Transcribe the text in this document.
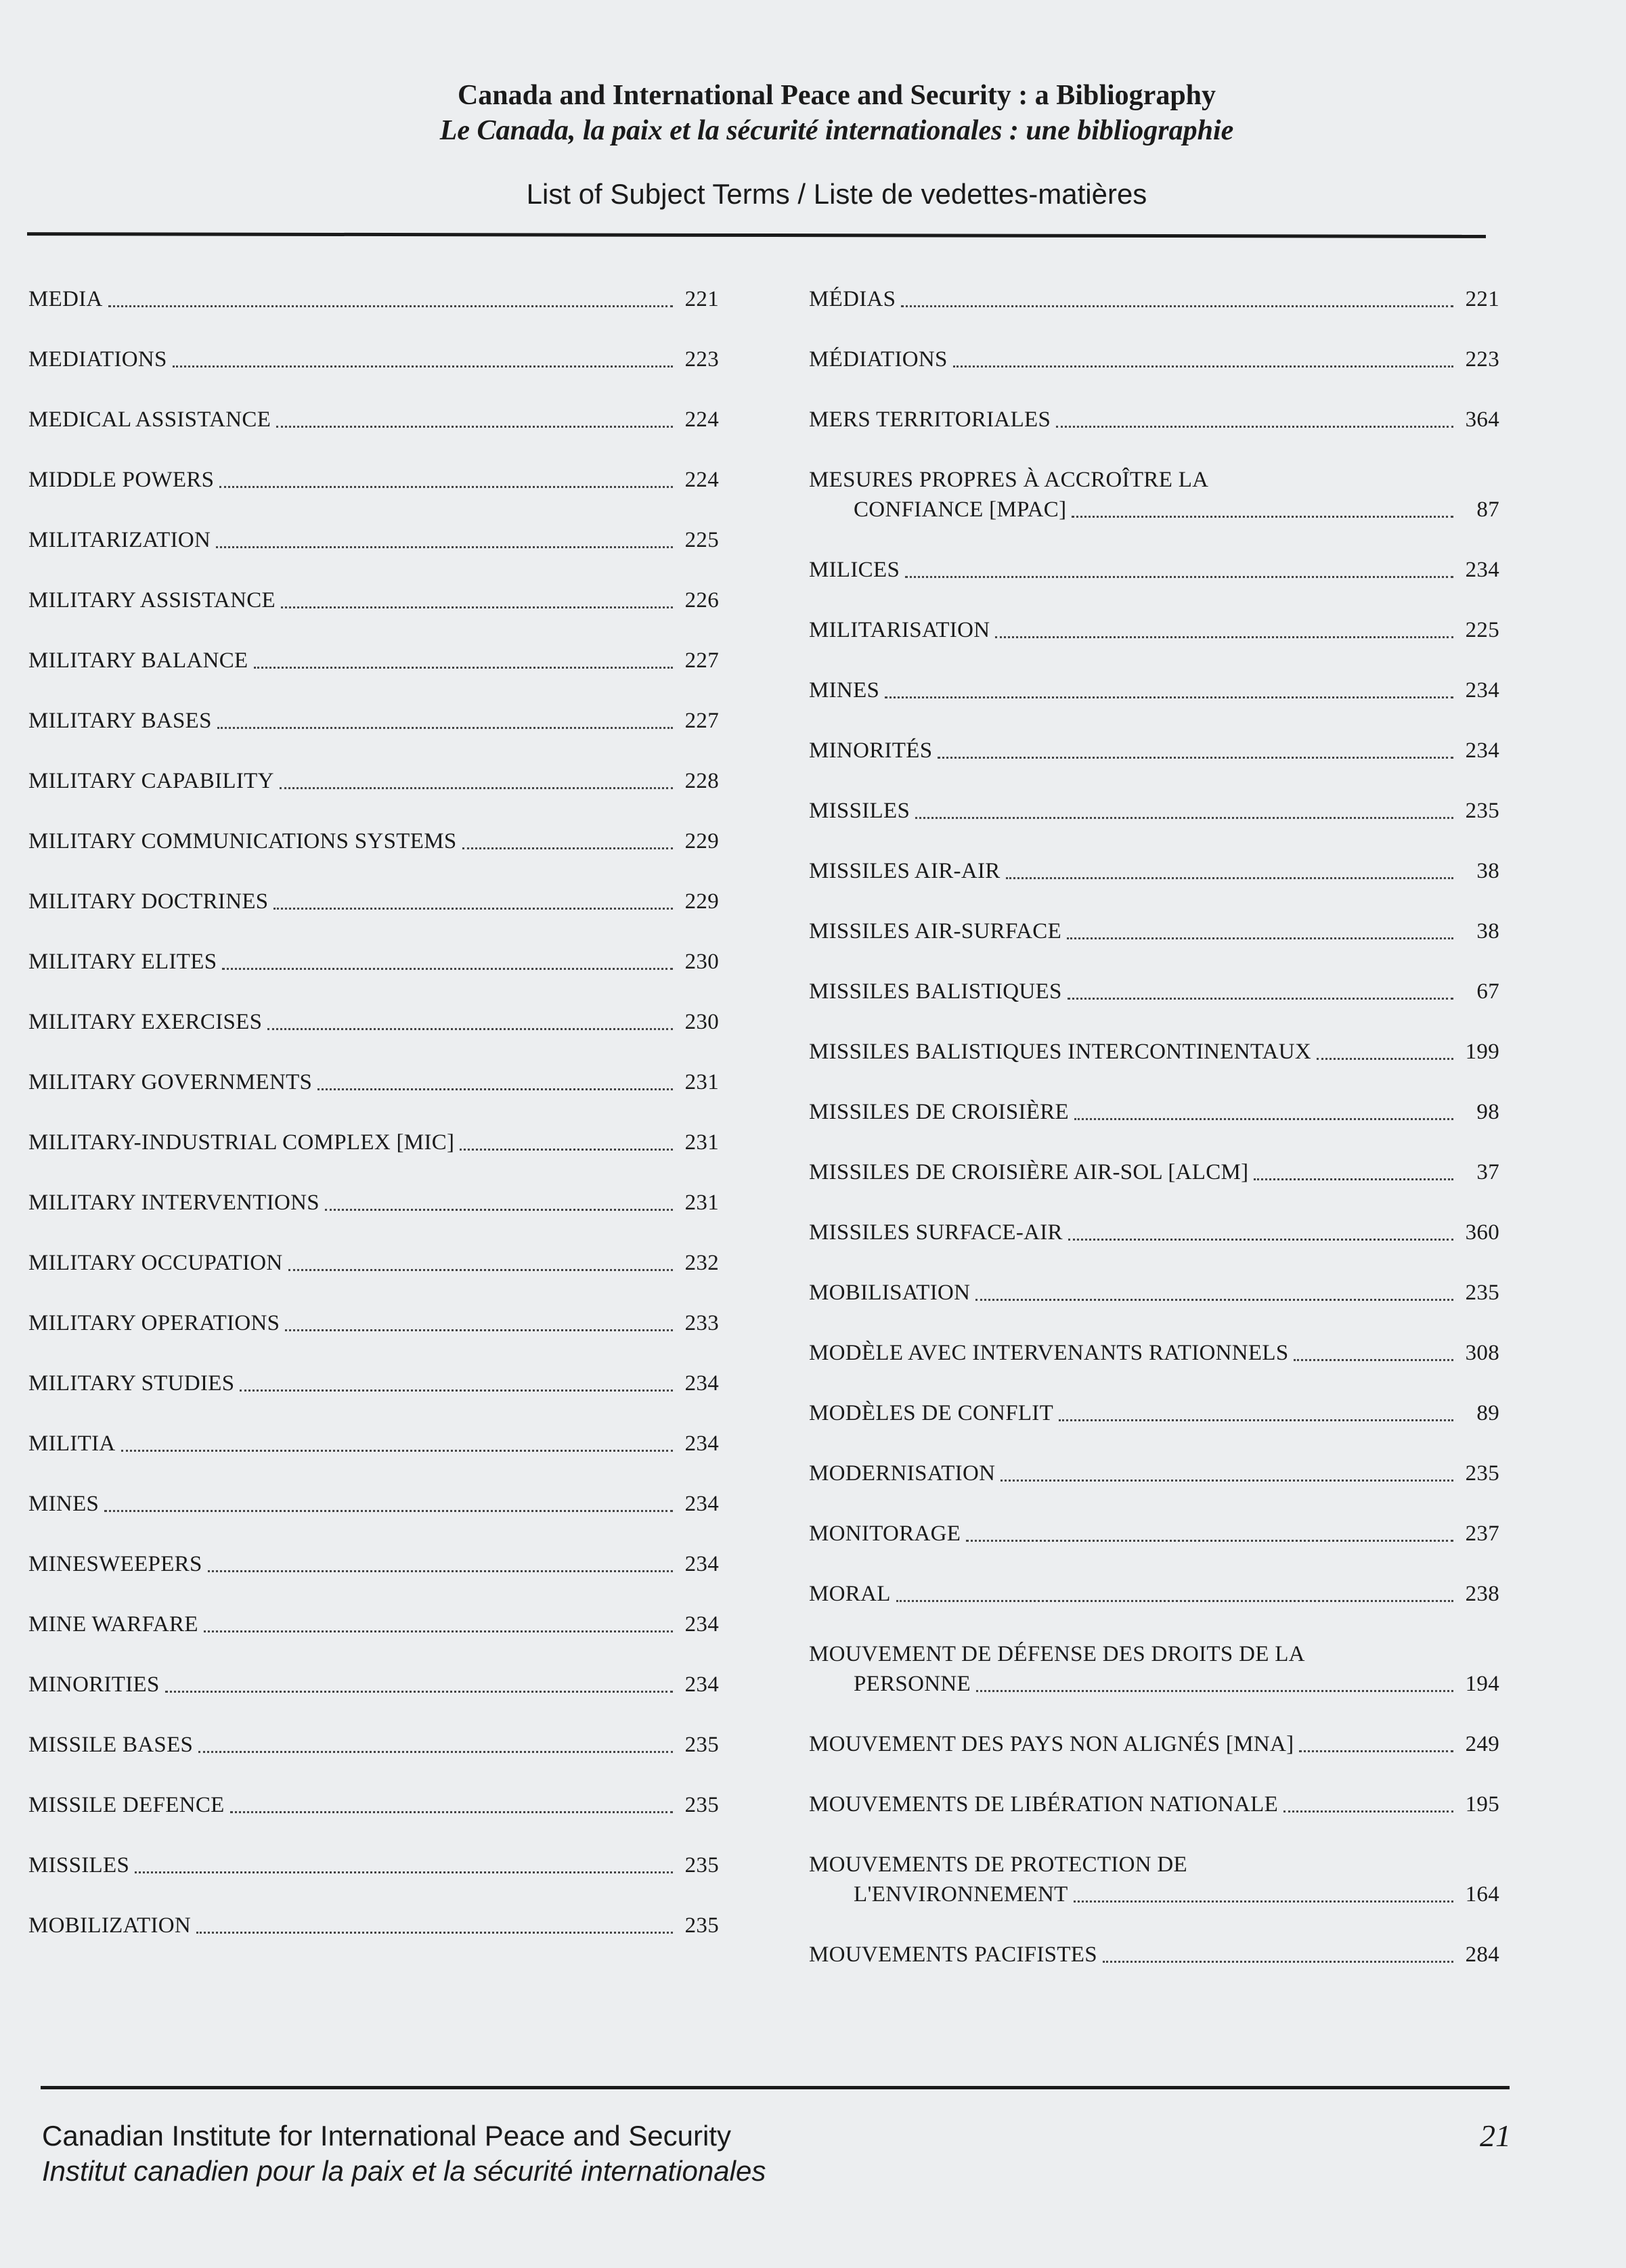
Canada and International Peace and Security : a Bibliography
Le Canada, la paix et la sécurité internationales : une bibliographie
List of Subject Terms / Liste de vedettes-matières
MEDIA	221
MEDIATIONS	223
MEDICAL ASSISTANCE	224
MIDDLE POWERS	224
MILITARIZATION	225
MILITARY ASSISTANCE	226
MILITARY BALANCE	227
MILITARY BASES	227
MILITARY CAPABILITY	228
MILITARY COMMUNICATIONS SYSTEMS	229
MILITARY DOCTRINES	229
MILITARY ELITES	230
MILITARY EXERCISES	230
MILITARY GOVERNMENTS	231
MILITARY-INDUSTRIAL COMPLEX [MIC]	231
MILITARY INTERVENTIONS	231
MILITARY OCCUPATION	232
MILITARY OPERATIONS	233
MILITARY STUDIES	234
MILITIA	234
MINES	234
MINESWEEPERS	234
MINE WARFARE	234
MINORITIES	234
MISSILE BASES	235
MISSILE DEFENCE	235
MISSILES	235
MOBILIZATION	235
MÉDIAS	221
MÉDIATIONS	223
MERS TERRITORIALES	364
MESURES PROPRES À ACCROÎTRE LA
CONFIANCE [MPAC]	87
MILICES	234
MILITARISATION	225
MINES	234
MINORITÉS	234
MISSILES	235
MISSILES AIR-AIR	38
MISSILES AIR-SURFACE	38
MISSILES BALISTIQUES	67
MISSILES BALISTIQUES INTERCONTINENTAUX	199
MISSILES DE CROISIÈRE	98
MISSILES DE CROISIÈRE AIR-SOL [ALCM]	37
MISSILES SURFACE-AIR	360
MOBILISATION	235
MODÈLE AVEC INTERVENANTS RATIONNELS	308
MODÈLES DE CONFLIT	89
MODERNISATION	235
MONITORAGE	237
MORAL	238
MOUVEMENT DE DÉFENSE DES DROITS DE LA
PERSONNE	194
MOUVEMENT DES PAYS NON ALIGNÉS [MNA]	249
MOUVEMENTS DE LIBÉRATION NATIONALE	195
MOUVEMENTS DE PROTECTION DE
L'ENVIRONNEMENT	164
MOUVEMENTS PACIFISTES	284
Canadian Institute for International Peace and Security
Institut canadien pour la paix et la sécurité internationales
21
